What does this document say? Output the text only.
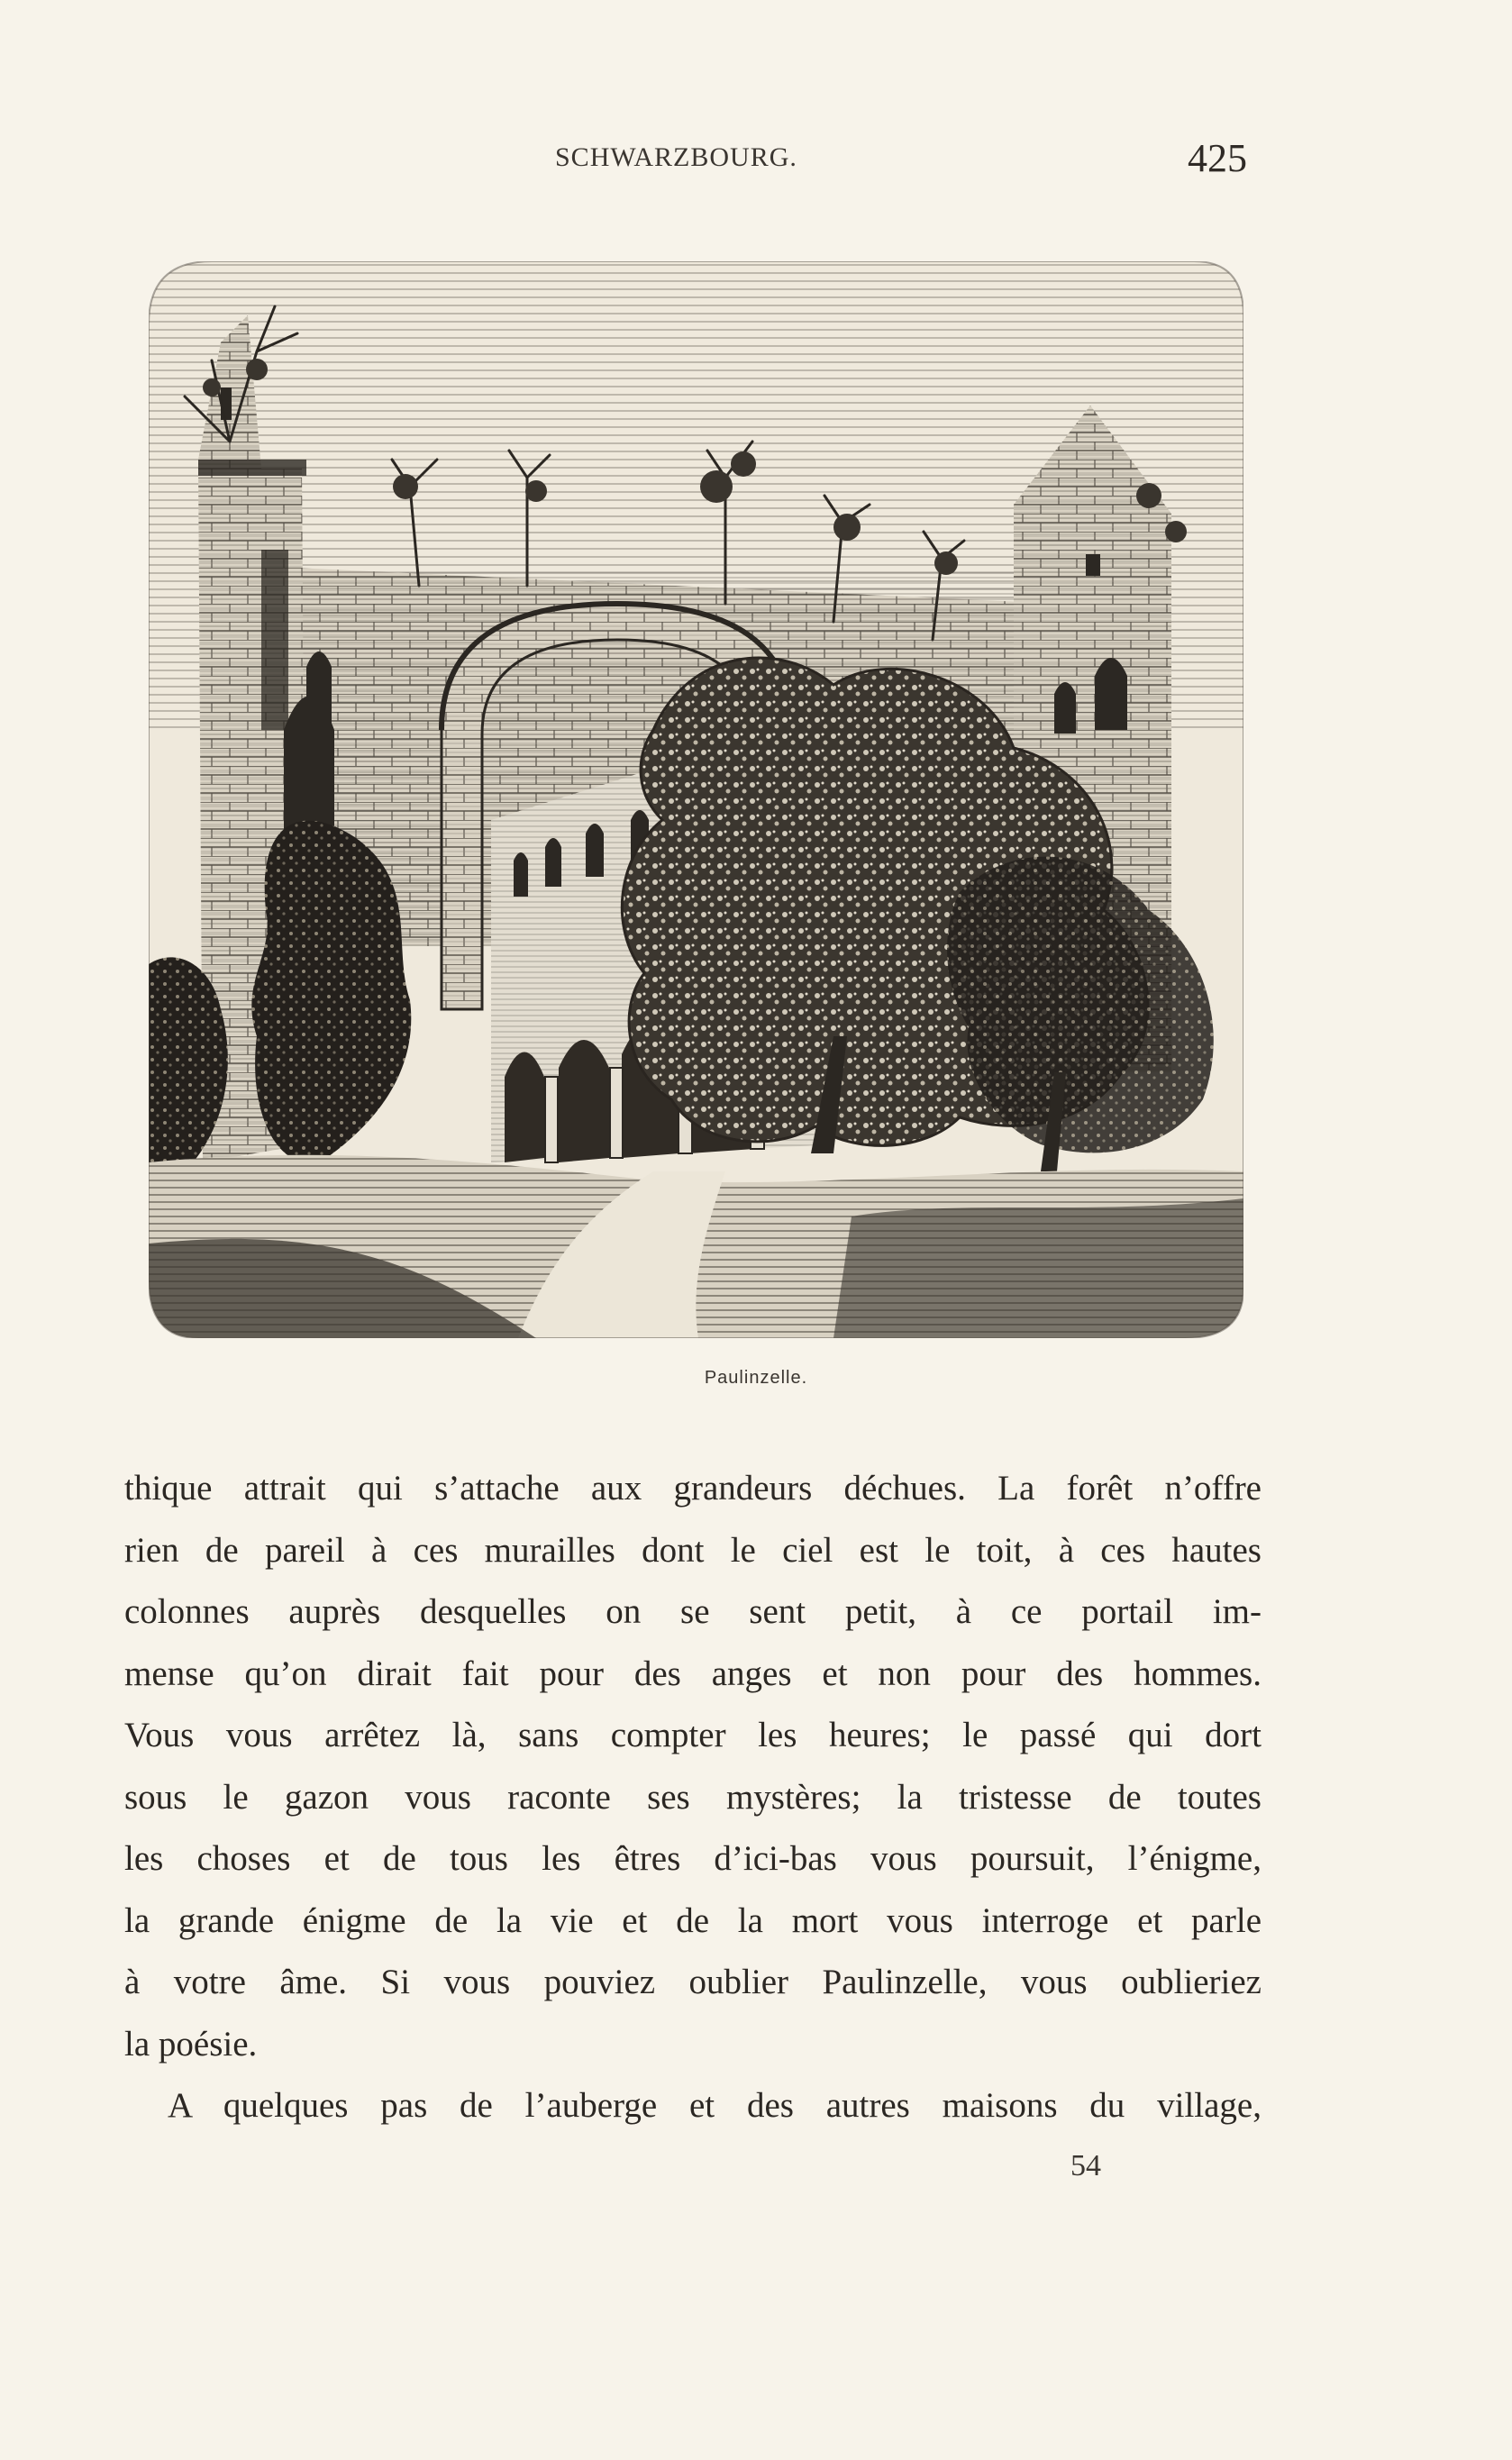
SCHWARZBOURG.	425
Paulinzelle.
thique attrait qui s’attache aux grandeurs déchues. La forêt n’offre
rien de pareil à ces murailles dont le ciel est le toit, à ces hautes
colonnes auprès desquelles on se sent petit, à ce portail im-
mense qu’on dirait fait pour des anges et non pour des hommes.
Vous vous arrêtez là, sans compter les heures; le passé qui dort
sous le gazon vous raconte ses mystères; la tristesse de toutes
les choses et de tous les êtres d’ici-bas vous poursuit, l’énigme,
la grande énigme de la vie et de la mort vous interroge et parle
à votre âme. Si vous pouviez oublier Paulinzelle, vous oublieriez
la poésie.
A quelques pas de l’auberge et des autres maisons du village,
54
